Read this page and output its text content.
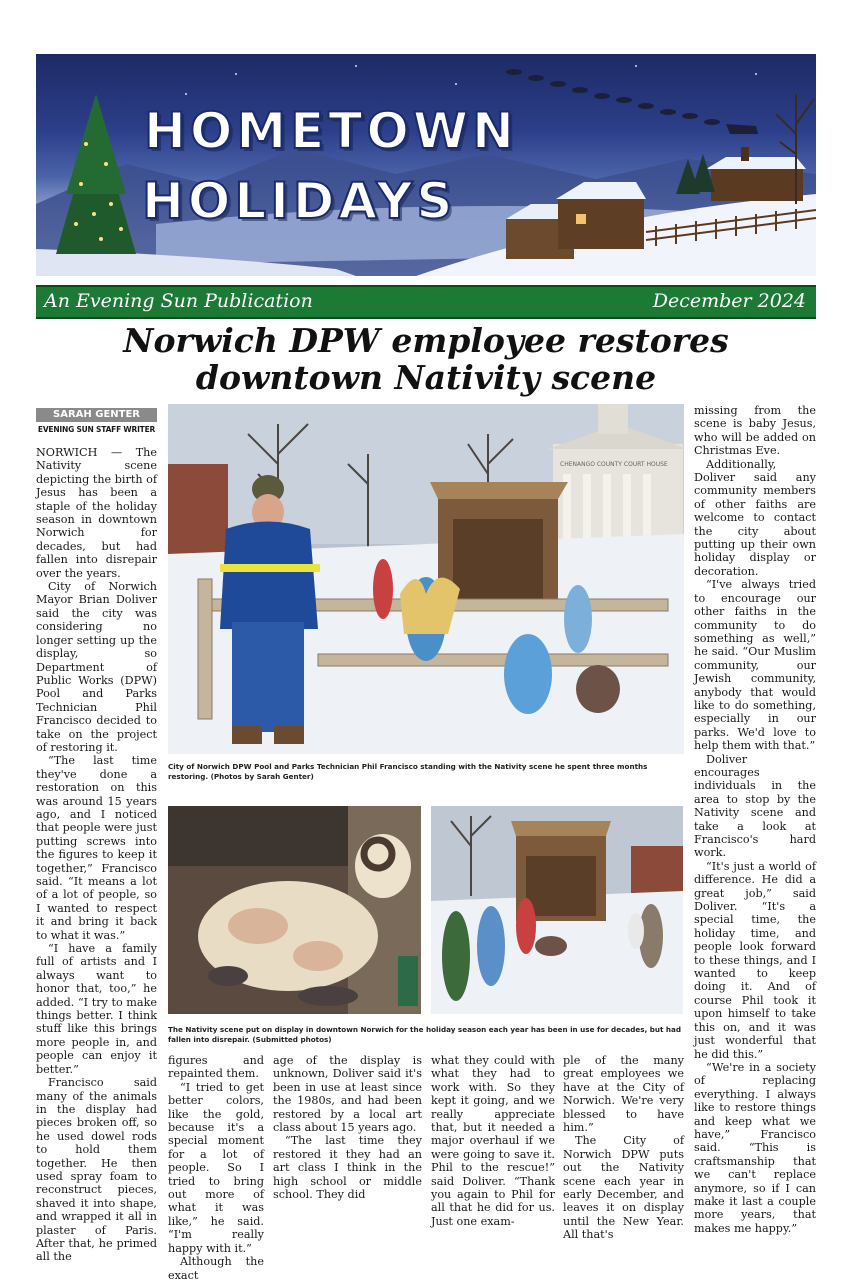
HOMETOWN
HOLIDAYS
An Evening Sun Publication	December 2024
Norwich DPW employee restores downtown Nativity scene
SARAH GENTER
EVENING SUN STAFF WRITER

NORWICH — The Nativity scene depicting the birth of Jesus has been a staple of the holiday season in downtown Norwich for decades, but had fallen into disrepair over the years.

City of Norwich Mayor Brian Doliver said the city was considering no longer setting up the display, so Department of Public Works (DPW) Pool and Parks Technician Phil Francisco decided to take on the project of restoring it.

“The last time they've done a restoration on this was around 15 years ago, and I noticed that people were just putting screws into the figures to keep it together,” Francisco said. “It means a lot of a lot of people, so I wanted to respect it and bring it back to what it was.”

“I have a family full of artists and I always want to honor that, too,” he added. “I try to make things better. I think stuff like this brings more people in, and people can enjoy it better.”

Francisco said many of the animals in the display had pieces broken off, so he used dowel rods to hold them together. He then used spray foam to reconstruct pieces, shaved it into shape, and wrapped it all in plaster of Paris. After that, he primed all the

CHENANGO COUNTY COURT HOUSE
City of Norwich DPW Pool and Parks Technician Phil Francisco standing with the Nativity scene he spent three months restoring. (Photos by Sarah Genter)
The Nativity scene put on display in downtown Norwich for the holiday season each year has been in use for decades, but had fallen into disrepair. (Submitted photos)

figures and repainted them.

“I tried to get better colors, like the gold, because it's a special moment for a lot of people. So I tried to bring out more of what it was like,” he said. “I'm really happy with it.”

Although the exact

age of the display is unknown, Doliver said it's been in use at least since the 1980s, and had been restored by a local art class about 15 years ago.

“The last time they restored it they had an art class I think in the high school or middle school. They did

what they could with what they had to work with. So they kept it going, and we really appreciate that, but it needed a major overhaul if we were going to save it. Phil to the rescue!” said Doliver. “Thank you again to Phil for all that he did for us. Just one exam-

ple of the many great employees we have at the City of Norwich. We're very blessed to have him.”

The City of Norwich DPW puts out the Nativity scene each year in early December, and leaves it on display until the New Year. All that's

missing from the scene is baby Jesus, who will be added on Christmas Eve.

Additionally, Doliver said any community members of other faiths are welcome to contact the city about putting up their own holiday display or decoration.

“I've always tried to encourage our other faiths in the community to do something as well,” he said. “Our Muslim community, our Jewish community, anybody that would like to do something, especially in our parks. We'd love to help them with that.”

Doliver encourages individuals in the area to stop by the Nativity scene and take a look at Francisco's hard work.

“It's just a world of difference. He did a great job,” said Doliver. “It's a special time, the holiday time, and people look forward to these things, and I wanted to keep doing it. And of course Phil took it upon himself to take this on, and it was just wonderful that he did this.”

“We're in a society of replacing everything. I always like to restore things and keep what we have,” Francisco said. “This is craftsmanship that we can't replace anymore, so if I can make it last a couple more years, that makes me happy.”
